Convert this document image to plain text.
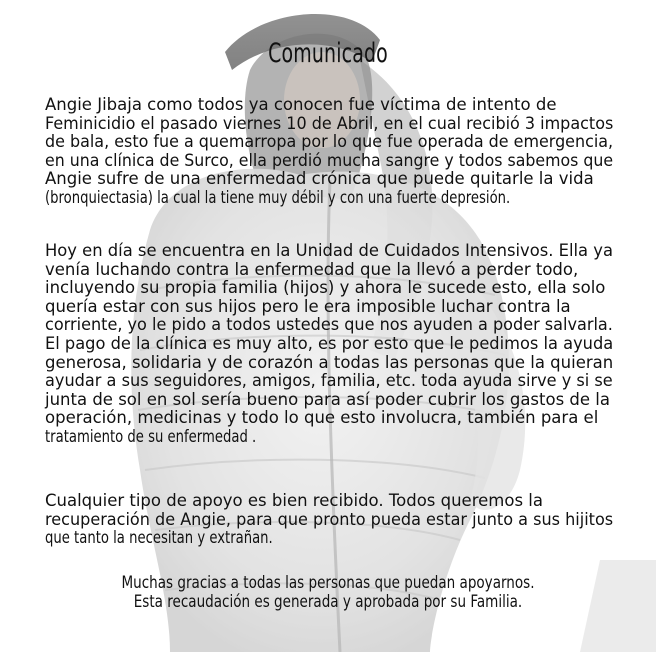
Comunicado
Angie Jibaja como todos ya conocen fue víctima de intento de
Feminicidio el pasado viernes 10 de Abril, en el cual recibió 3 impactos
de bala, esto fue a quemarropa por lo que fue operada de emergencia,
en una clínica de Surco, ella perdió mucha sangre y todos sabemos que
Angie sufre de una enfermedad crónica que puede quitarle la vida
(bronquiectasia) la cual la tiene muy débil y con una fuerte depresión.
Hoy en día se encuentra en la Unidad de Cuidados Intensivos. Ella ya
venía luchando contra la enfermedad que la llevó a perder todo,
incluyendo su propia familia (hijos) y ahora le sucede esto, ella solo
quería estar con sus hijos pero le era imposible luchar contra la
corriente, yo le pido a todos ustedes que nos ayuden a poder salvarla.
El pago de la clínica es muy alto, es por esto que le pedimos la ayuda
generosa, solidaria y de corazón a todas las personas que la quieran
ayudar a sus seguidores, amigos, familia, etc. toda ayuda sirve y si se
junta de sol en sol sería bueno para así poder cubrir los gastos de la
operación, medicinas y todo lo que esto involucra, también para el
tratamiento de su enfermedad .
Cualquier tipo de apoyo es bien recibido. Todos queremos la
recuperación de Angie, para que pronto pueda estar junto a sus hijitos
que tanto la necesitan y extrañan.
Muchas gracias a todas las personas que puedan apoyarnos.
Esta recaudación es generada y aprobada por su Familia.
